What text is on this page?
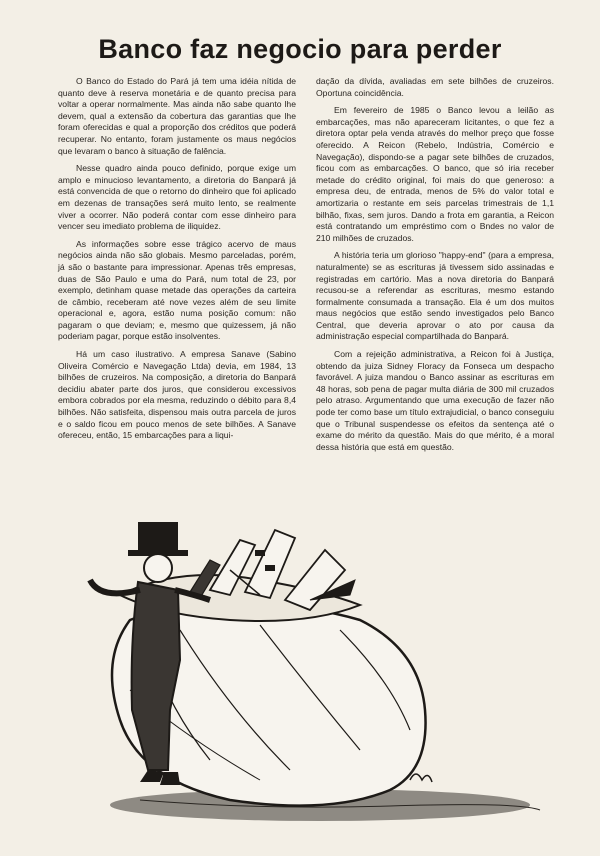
Banco faz negocio para perder

O Banco do Estado do Pará já tem uma idéia nítida de quanto deve à reserva monetária e de quanto precisa para voltar a operar normalmente. Mas ainda não sabe quanto lhe devem, qual a extensão da cobertura das garantias que lhe foram oferecidas e qual a proporção dos créditos que poderá recuperar. No entanto, foram justamente os maus negócios que levaram o banco à situação de falência.

Nesse quadro ainda pouco definido, porque exige um amplo e minucioso levantamento, a diretoria do Banpará já está convencida de que o retorno do dinheiro que foi aplicado em dezenas de transações será muito lento, se realmente viver a ocorrer. Não poderá contar com esse dinheiro para vencer seu imediato problema de iliquidez.

As informações sobre esse trágico acervo de maus negócios ainda não são globais. Mesmo parceladas, porém, já são o bastante para impressionar. Apenas três empresas, duas de São Paulo e uma do Pará, num total de 23, por exemplo, detinham quase metade das operações da carteira de câmbio, receberam até nove vezes além de seu limite operacional e, agora, estão numa posição comum: não pagaram o que deviam; e, mesmo que quizessem, já não poderiam pagar, porque estão insolventes.

Há um caso ilustrativo. A empresa Sanave (Sabino Oliveira Comércio e Navegação Ltda) devia, em 1984, 13 bilhões de cruzeiros. Na composição, a diretoria do Banpará decidiu abater parte dos juros, que considerou excessivos embora cobrados por ela mesma, reduzindo o débito para 8,4 bilhões. Não satisfeita, dispensou mais outra parcela de juros e o saldo ficou em pouco menos de sete bilhões. A Sanave ofereceu, então, 15 embarcações para a liqui-

dação da dívida, avaliadas em sete bilhões de cruzeiros. Oportuna coincidência.

Em fevereiro de 1985 o Banco levou a leilão as embarcações, mas não apareceram licitantes, o que fez a diretora optar pela venda através do melhor preço que fosse oferecido. A Reicon (Rebelo, Indústria, Comércio e Navegação), dispondo-se a pagar sete bilhões de cruzados, ficou com as embarcações. O banco, que só iria receber metade do crédito original, foi mais do que generoso: a empresa deu, de entrada, menos de 5% do valor total e amortizaria o restante em seis parcelas trimestrais de 1,1 bilhão, fixas, sem juros. Dando a frota em garantia, a Reicon está contratando um empréstimo com o Bndes no valor de 210 milhões de cruzados.

A história teria um glorioso "happy-end" (para a empresa, naturalmente) se as escrituras já tivessem sido assinadas e registradas em cartório. Mas a nova diretoria do Banpará recusou-se a referendar as escrituras, mesmo estando formalmente consumada a transação. Ela é um dos muitos maus negócios que estão sendo investigados pelo Banco Central, que deveria aprovar o ato por causa da administração especial compartilhada do Banpará.

Com a rejeição administrativa, a Reicon foi à Justiça, obtendo da juiza Sidney Floracy da Fonseca um despacho favorável. A juiza mandou o Banco assinar as escrituras em 48 horas, sob pena de pagar multa diária de 300 mil cruzados pelo atraso. Argumentando que uma execução de fazer não pode ter como base um título extrajudicial, o banco conseguiu que o Tribunal suspendesse os efeitos da sentença até o exame do mérito da questão. Mais do que mérito, é a moral dessa história que está em questão.
